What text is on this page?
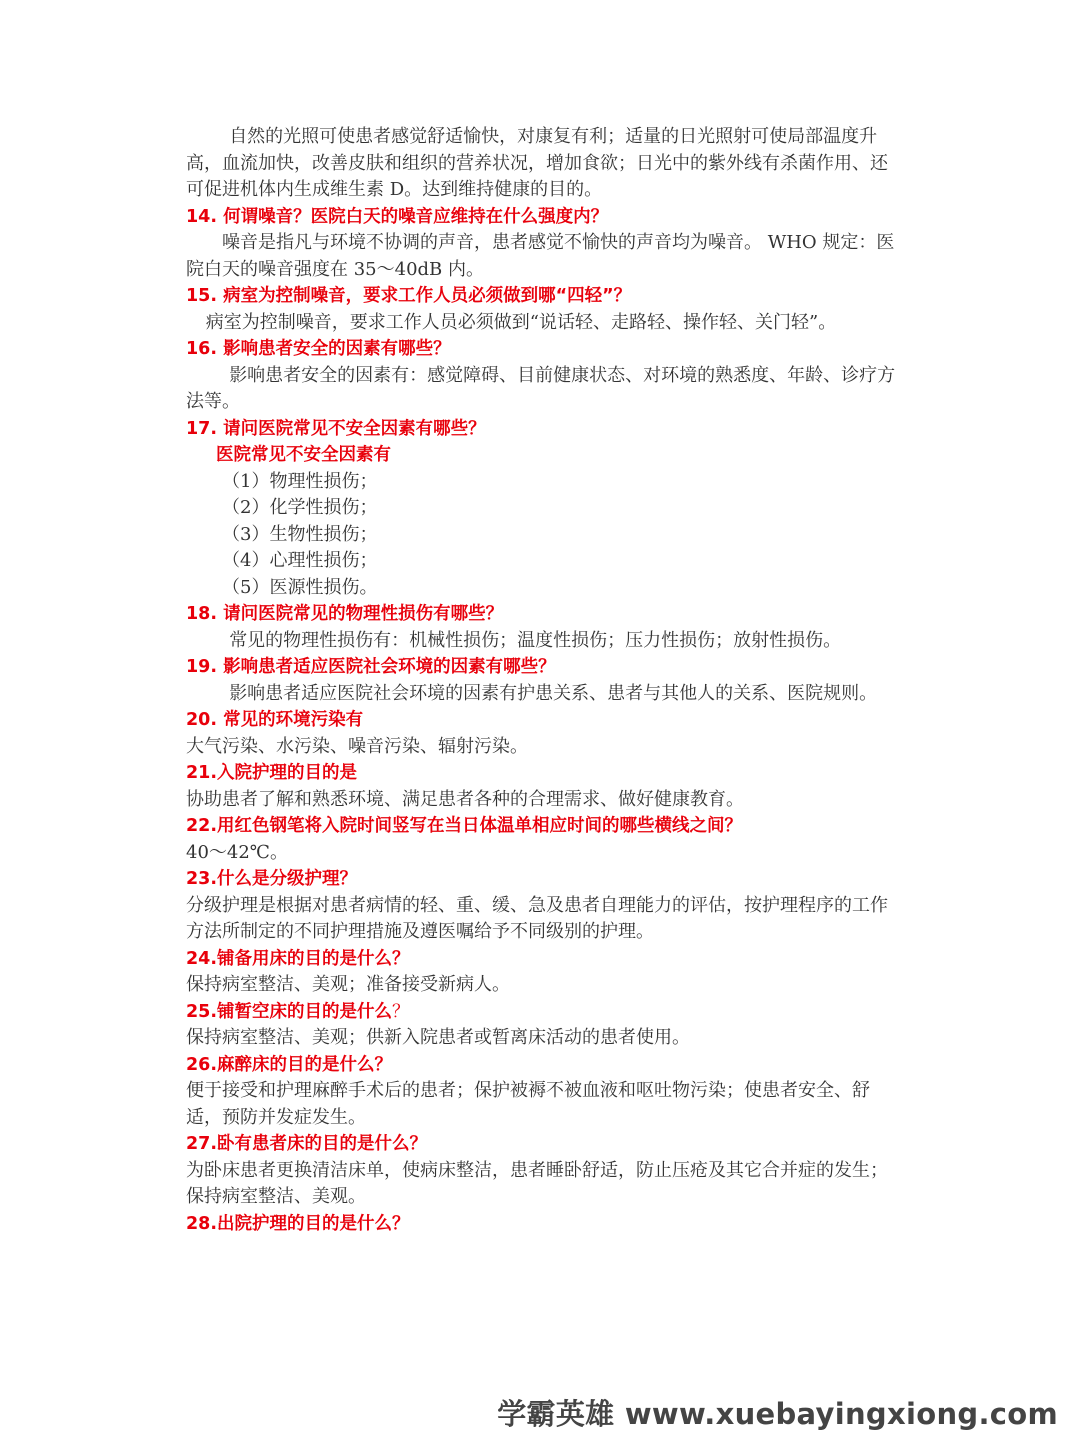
自然的光照可使患者感觉舒适愉快，对康复有利；适量的日光照射可使局部温度升高，血流加快，改善皮肤和组织的营养状况，增加食欲；日光中的紫外线有杀菌作用、还可促进机体内生成维生素 D。达到维持健康的目的。

14. 何谓噪音？医院白天的噪音应维持在什么强度内？

噪音是指凡与环境不协调的声音，患者感觉不愉快的声音均为噪音。 WHO 规定：医院白天的噪音强度在 35～40dB 内。

15. 病室为控制噪音，要求工作人员必须做到哪“四轻”？

病室为控制噪音，要求工作人员必须做到“说话轻、走路轻、操作轻、关门轻”。

16. 影响患者安全的因素有哪些？

影响患者安全的因素有：感觉障碍、目前健康状态、对环境的熟悉度、年龄、诊疗方法等。

17. 请问医院常见不安全因素有哪些？

医院常见不安全因素有

（1）物理性损伤；

（2）化学性损伤；

（3）生物性损伤；

（4）心理性损伤；

（5）医源性损伤。

18. 请问医院常见的物理性损伤有哪些？

常见的物理性损伤有：机械性损伤；温度性损伤；压力性损伤；放射性损伤。

19. 影响患者适应医院社会环境的因素有哪些？

影响患者适应医院社会环境的因素有护患关系、患者与其他人的关系、医院规则。

20. 常见的环境污染有

大气污染、水污染、噪音污染、辐射污染。

21.入院护理的目的是

协助患者了解和熟悉环境、满足患者各种的合理需求、做好健康教育。

22.用红色钢笔将入院时间竖写在当日体温单相应时间的哪些横线之间？

40～42℃。

23.什么是分级护理？

分级护理是根据对患者病情的轻、重、缓、急及患者自理能力的评估，按护理程序的工作方法所制定的不同护理措施及遵医嘱给予不同级别的护理。

24.铺备用床的目的是什么？

保持病室整洁、美观；准备接受新病人。

25.铺暂空床的目的是什么？

保持病室整洁、美观；供新入院患者或暂离床活动的患者使用。

26.麻醉床的目的是什么？

便于接受和护理麻醉手术后的患者；保护被褥不被血液和呕吐物污染；使患者安全、舒适，预防并发症发生。

27.卧有患者床的目的是什么？

为卧床患者更换清洁床单，使病床整洁，患者睡卧舒适，防止压疮及其它合并症的发生；保持病室整洁、美观。

28.出院护理的目的是什么？

学霸英雄 www.xuebayingxiong.com
